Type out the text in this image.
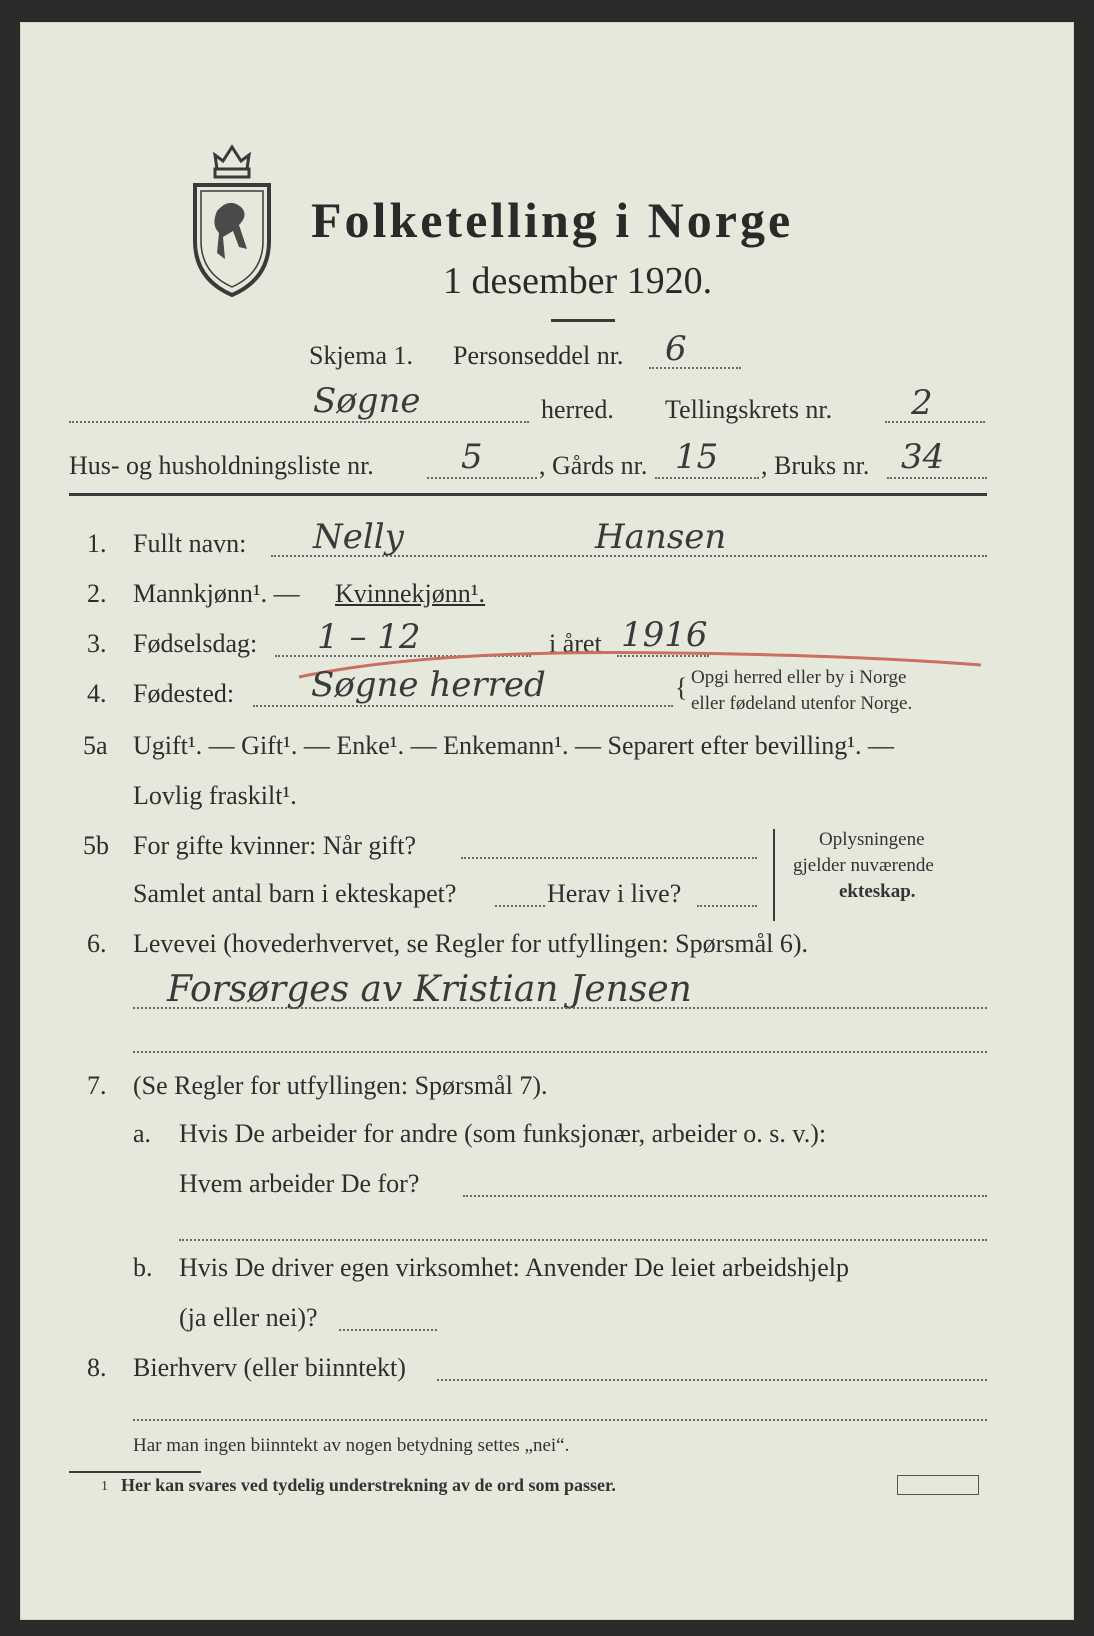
Folketelling i Norge
1 desember 1920.
Skjema 1. Personseddel nr. 6
Søgne	herred. Tellingskrets nr. 2
Hus- og husholdningsliste nr.	5 , Gårds nr. 15 , Bruks nr. 34
1. Fullt navn: Nelly	Hansen
2. Mannkjønn¹. — Kvinnekjønn¹.
3. Fødselsdag: 1 – 12	i året 1916
4. Fødested: Søgne herred	{ Opgi herred eller by i Norge
eller fødeland utenfor Norge.
5a Ugift¹. — Gift¹. — Enke¹. — Enkemann¹. — Separert efter bevilling¹. —
Lovlig fraskilt¹.
5b For gifte kvinner: Når gift?
Samlet antal barn i ekteskapet?	Herav i live?
Oplysningene
gjelder nuværende
ekteskap.
6. Levevei (hovederhvervet, se Regler for utfyllingen: Spørsmål 6).
Forsørges av Kristian Jensen
7. (Se Regler for utfyllingen: Spørsmål 7).
a. Hvis De arbeider for andre (som funksjonær, arbeider o. s. v.):
Hvem arbeider De for?
b. Hvis De driver egen virksomhet: Anvender De leiet arbeidshjelp
(ja eller nei)?
8. Bierhverv (eller biinntekt)
Har man ingen biinntekt av nogen betydning settes „nei“.
1 Her kan svares ved tydelig understrekning av de ord som passer.
